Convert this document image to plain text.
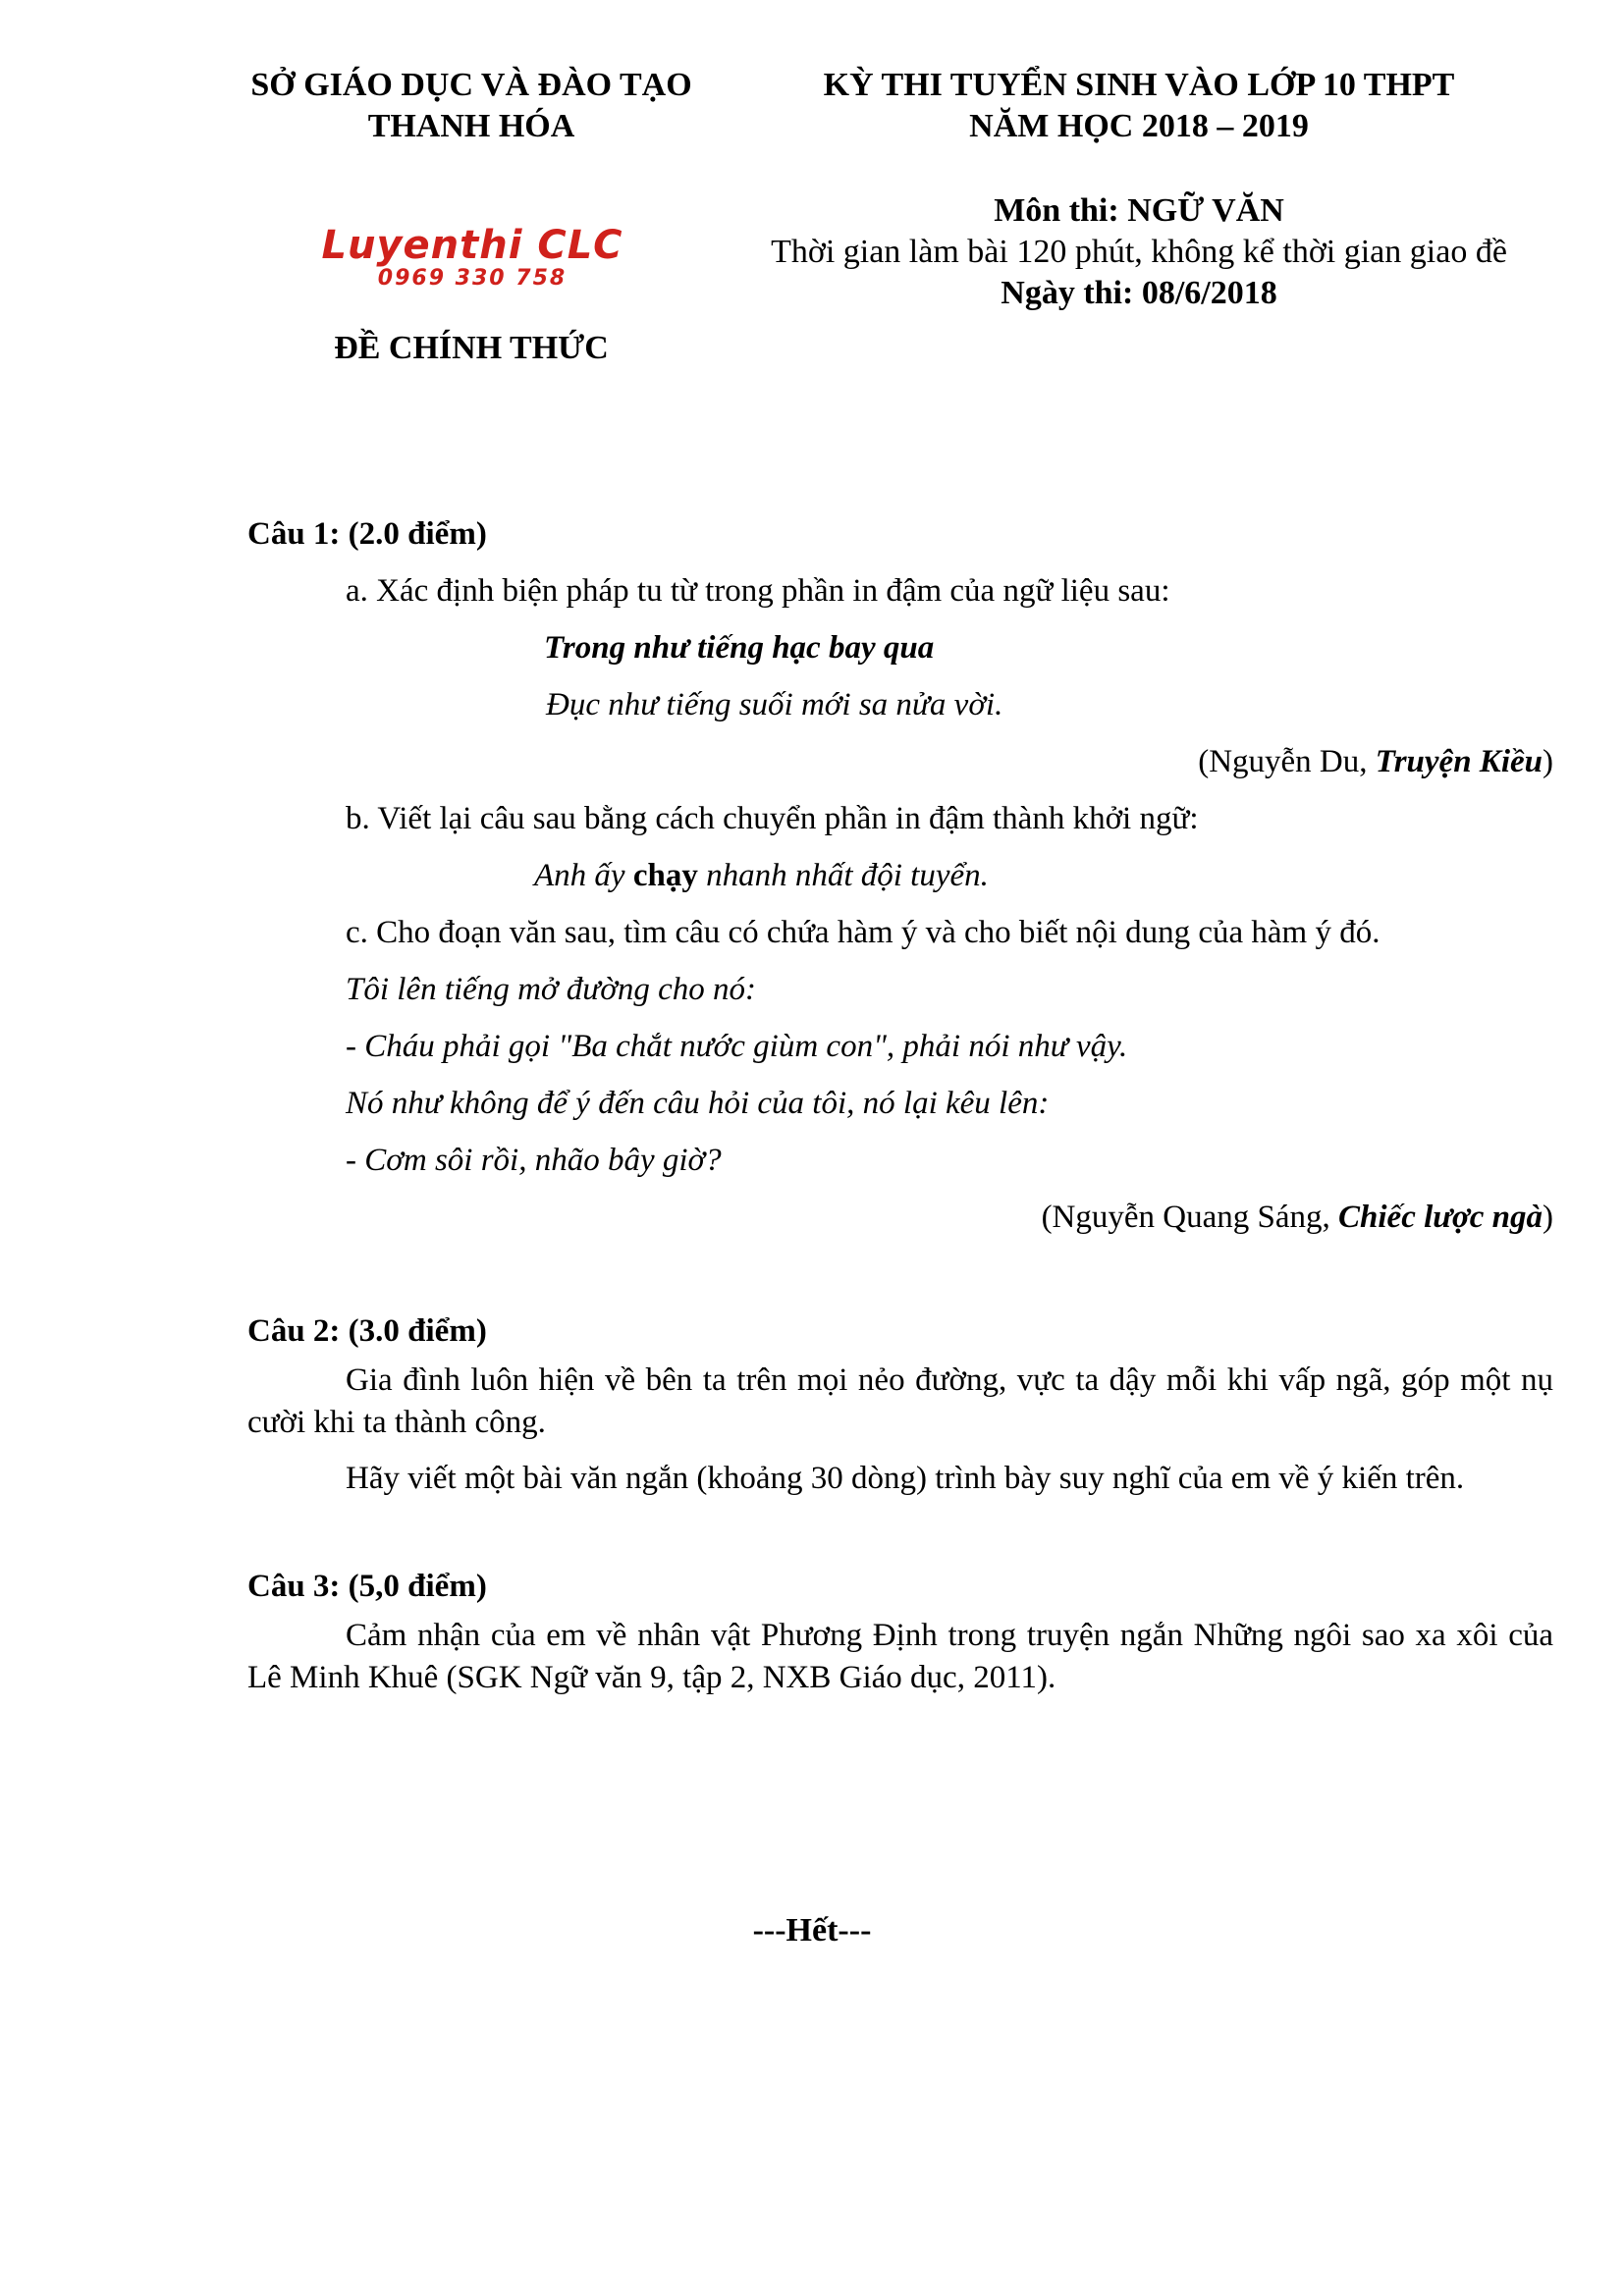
SỞ GIÁO DỤC VÀ ĐÀO TẠO
THANH HÓA
KỲ THI TUYỂN SINH VÀO LỚP 10 THPT
NĂM HỌC 2018 – 2019
Môn thi: NGỮ VĂN
Thời gian làm bài 120 phút, không kể thời gian giao đề
Ngày thi: 08/6/2018
Luyenthi CLC
0969 330 758
ĐỀ CHÍNH THỨC
Câu 1: (2.0 điểm)
a. Xác định biện pháp tu từ trong phần in đậm của ngữ liệu sau:
Trong như tiếng hạc bay qua
Đục như tiếng suối mới sa nửa vời.
(Nguyễn Du, Truyện Kiều)
b. Viết lại câu sau bằng cách chuyển phần in đậm thành khởi ngữ:
Anh ấy chạy nhanh nhất đội tuyển.
c. Cho đoạn văn sau, tìm câu có chứa hàm ý và cho biết nội dung của hàm ý đó.
Tôi lên tiếng mở đường cho nó:
- Cháu phải gọi "Ba chắt nước giùm con", phải nói như vậy.
Nó như không để ý đến câu hỏi của tôi, nó lại kêu lên:
- Cơm sôi rồi, nhão bây giờ?
(Nguyễn Quang Sáng, Chiếc lược ngà)
Câu 2: (3.0 điểm)
Gia đình luôn hiện về bên ta trên mọi nẻo đường, vực ta dậy mỗi khi vấp ngã, góp một nụ cười khi ta thành công.
Hãy viết một bài văn ngắn (khoảng 30 dòng) trình bày suy nghĩ của em về ý kiến trên.
Câu 3: (5,0 điểm)
Cảm nhận của em về nhân vật Phương Định trong truyện ngắn Những ngôi sao xa xôi của Lê Minh Khuê (SGK Ngữ văn 9, tập 2, NXB Giáo dục, 2011).
---Hết---
